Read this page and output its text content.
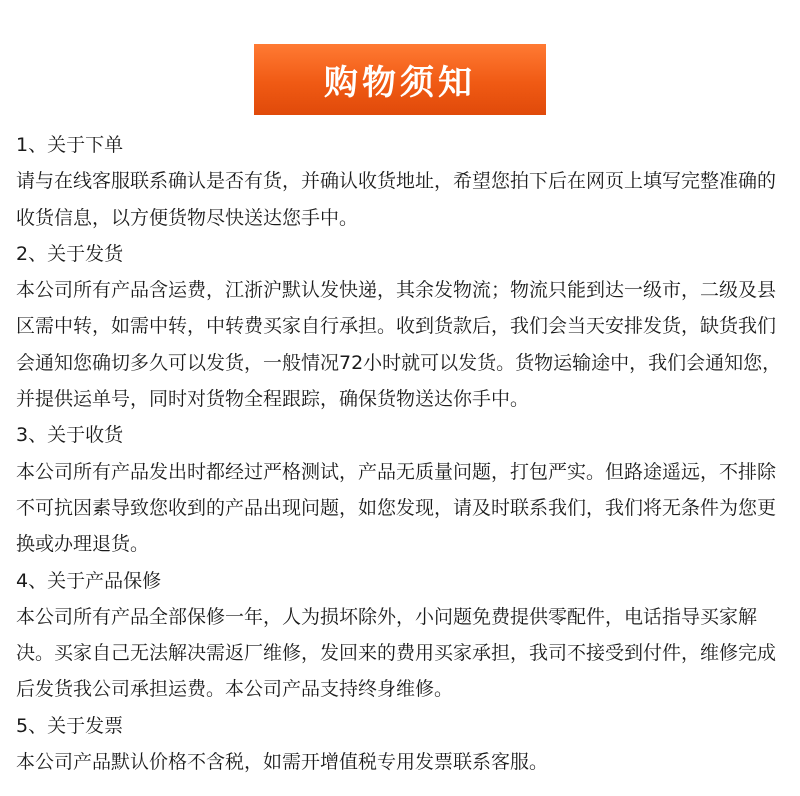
购物须知

1、关于下单

请与在线客服联系确认是否有货，并确认收货地址，希望您拍下后在网页上填写完整准确的收货信息，以方便货物尽快送达您手中。

2、关于发货

本公司所有产品含运费，江浙沪默认发快递，其余发物流；物流只能到达一级市，二级及县区需中转，如需中转，中转费买家自行承担。收到货款后，我们会当天安排发货，缺货我们会通知您确切多久可以发货，一般情况72小时就可以发货。货物运输途中，我们会通知您，并提供运单号，同时对货物全程跟踪，确保货物送达你手中。

3、关于收货

本公司所有产品发出时都经过严格测试，产品无质量问题，打包严实。但路途遥远，不排除不可抗因素导致您收到的产品出现问题，如您发现，请及时联系我们，我们将无条件为您更换或办理退货。

4、关于产品保修

本公司所有产品全部保修一年，人为损坏除外，小问题免费提供零配件，电话指导买家解决。买家自己无法解决需返厂维修，发回来的费用买家承担，我司不接受到付件，维修完成后发货我公司承担运费。本公司产品支持终身维修。

5、关于发票

本公司产品默认价格不含税，如需开增值税专用发票联系客服。
